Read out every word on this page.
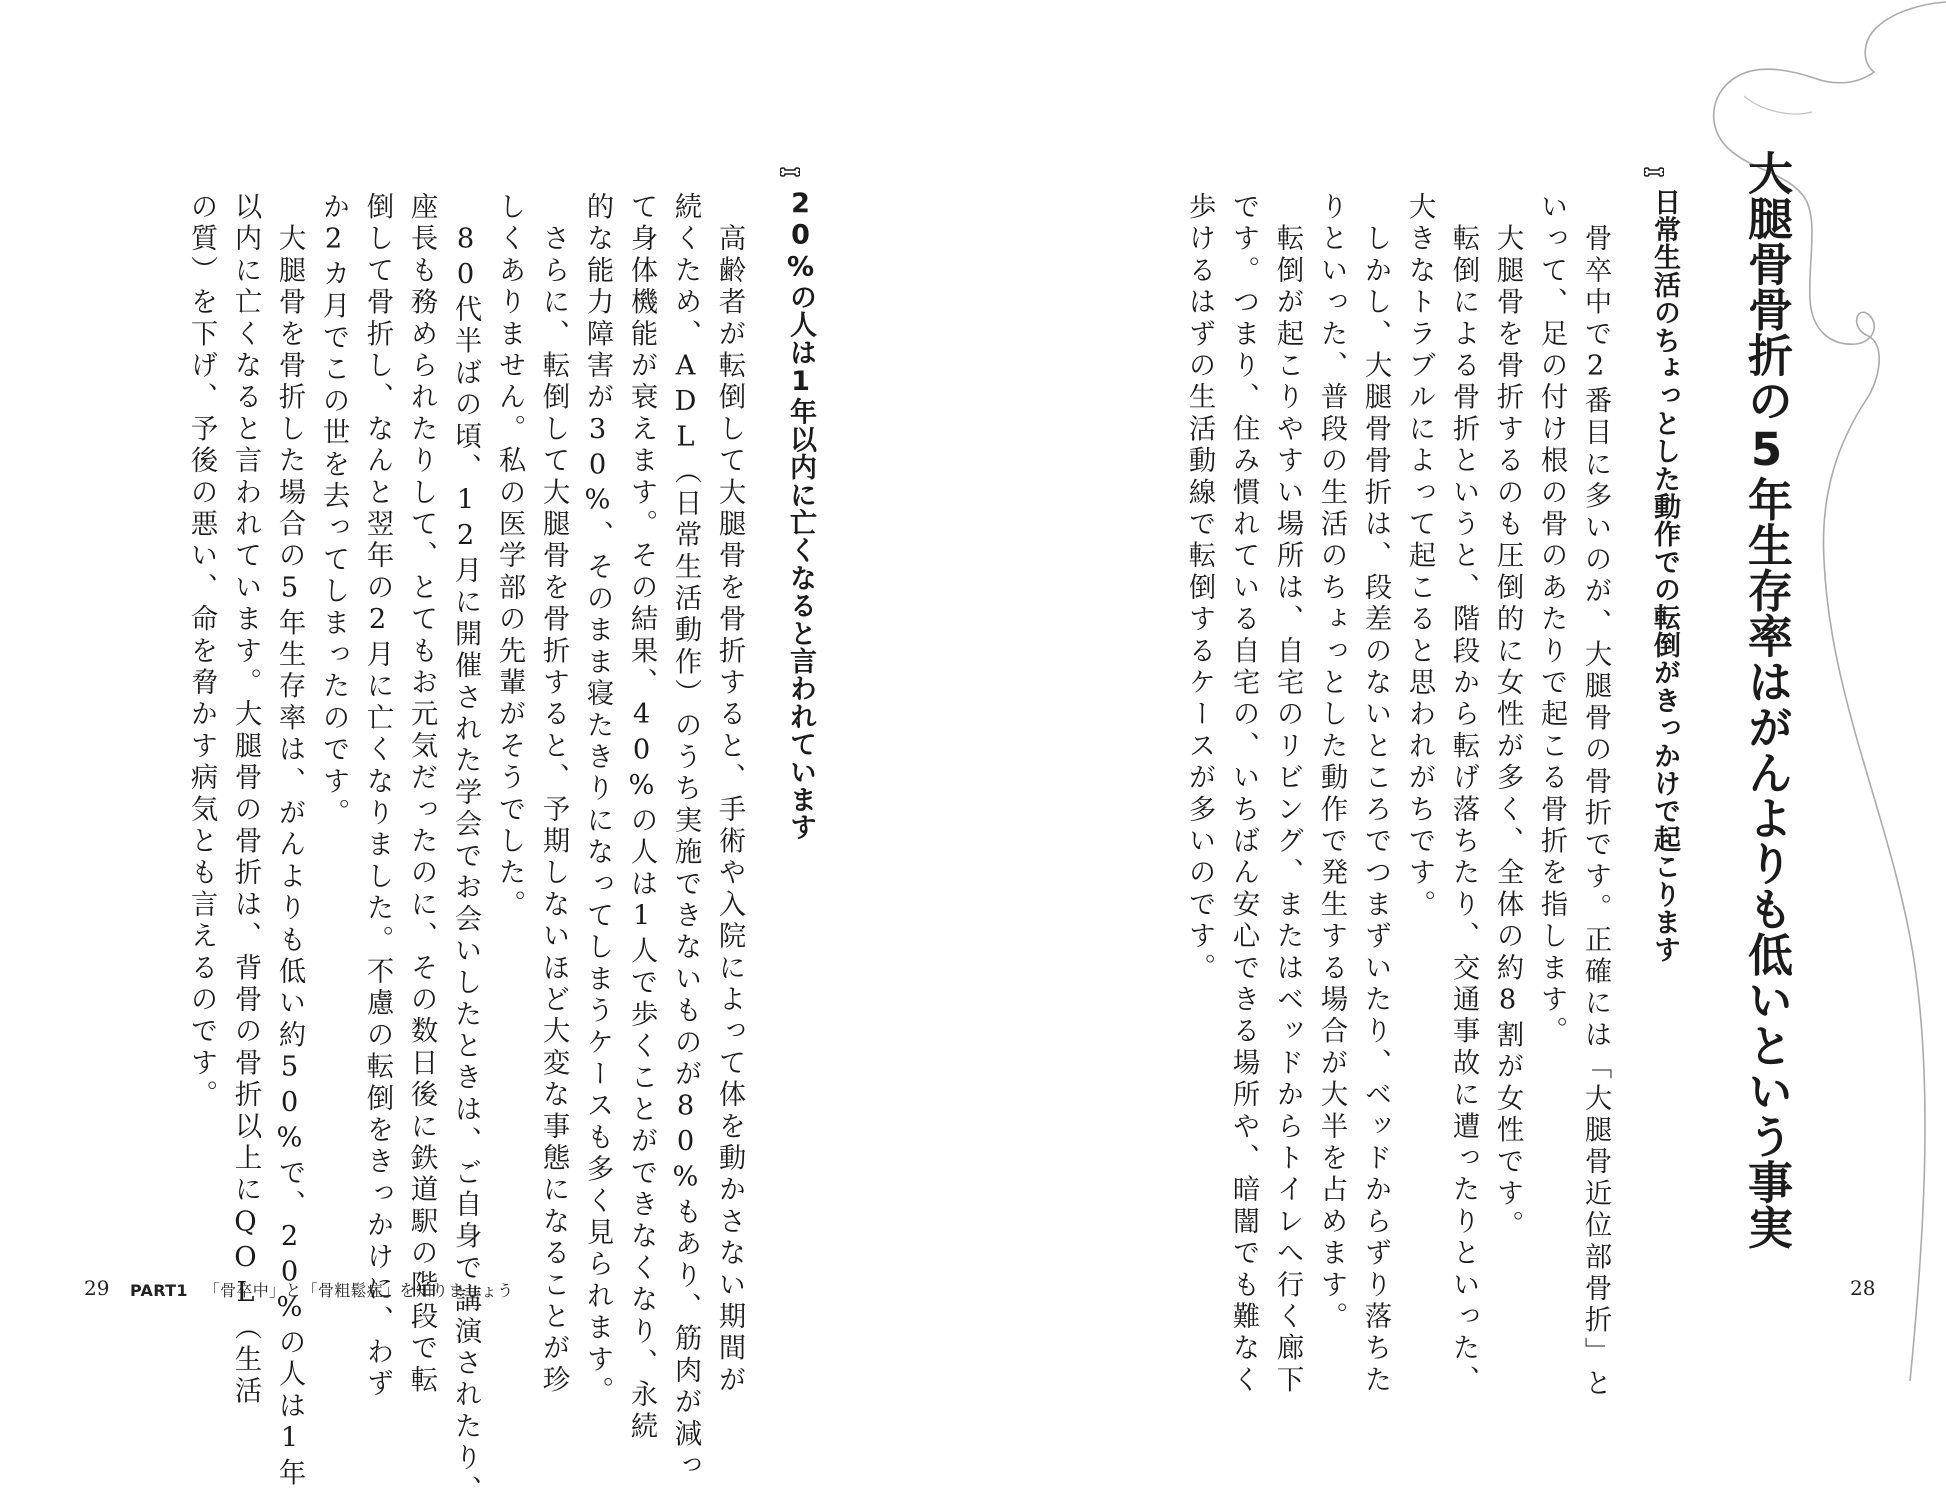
大腿骨骨折の5年生存率はがんよりも低いという事実
日常生活のちょっとした動作での転倒がきっかけで起こります

　骨卒中で2番目に多いのが、大腿骨の骨折です。正確には「大腿骨近位部骨折」と

いって、足の付け根の骨のあたりで起こる骨折を指します。

　大腿骨を骨折するのも圧倒的に女性が多く、全体の約8割が女性です。

　転倒による骨折というと、階段から転げ落ちたり、交通事故に遭ったりといった、

大きなトラブルによって起こると思われがちです。

　しかし、大腿骨骨折は、段差のないところでつまずいたり、ベッドからずり落ちた

りといった、普段の生活のちょっとした動作で発生する場合が大半を占めます。

　転倒が起こりやすい場所は、自宅のリビング、またはベッドからトイレへ行く廊下

です。つまり、住み慣れている自宅の、いちばん安心できる場所や、暗闇でも難なく

歩けるはずの生活動線で転倒するケースが多いのです。

28
20%の人は1年以内に亡くなると言われています

　高齢者が転倒して大腿骨を骨折すると、手術や入院によって体を動かさない期間が

続くため、ADL（日常生活動作）のうち実施できないものが80%もあり、筋肉が減っ

て身体機能が衰えます。その結果、40%の人は1人で歩くことができなくなり、永続

的な能力障害が30%、そのまま寝たきりになってしまうケースも多く見られます。

　さらに、転倒して大腿骨を骨折すると、予期しないほど大変な事態になることが珍

しくありません。私の医学部の先輩がそうでした。

　80代半ばの頃、12月に開催された学会でお会いしたときは、ご自身で講演されたり、

座長も務められたりして、とてもお元気だったのに、その数日後に鉄道駅の階段で転

倒して骨折し、なんと翌年の2月に亡くなりました。不慮の転倒をきっかけに、わず

か2カ月でこの世を去ってしまったのです。

　大腿骨を骨折した場合の5年生存率は、がんよりも低い約50%で、20%の人は1年

以内に亡くなると言われています。大腿骨の骨折は、背骨の骨折以上にQOL（生活

の質）を下げ、予後の悪い、命を脅かす病気とも言えるのです。

29 PART1 「骨卒中」と「骨粗鬆症」を知りましょう
